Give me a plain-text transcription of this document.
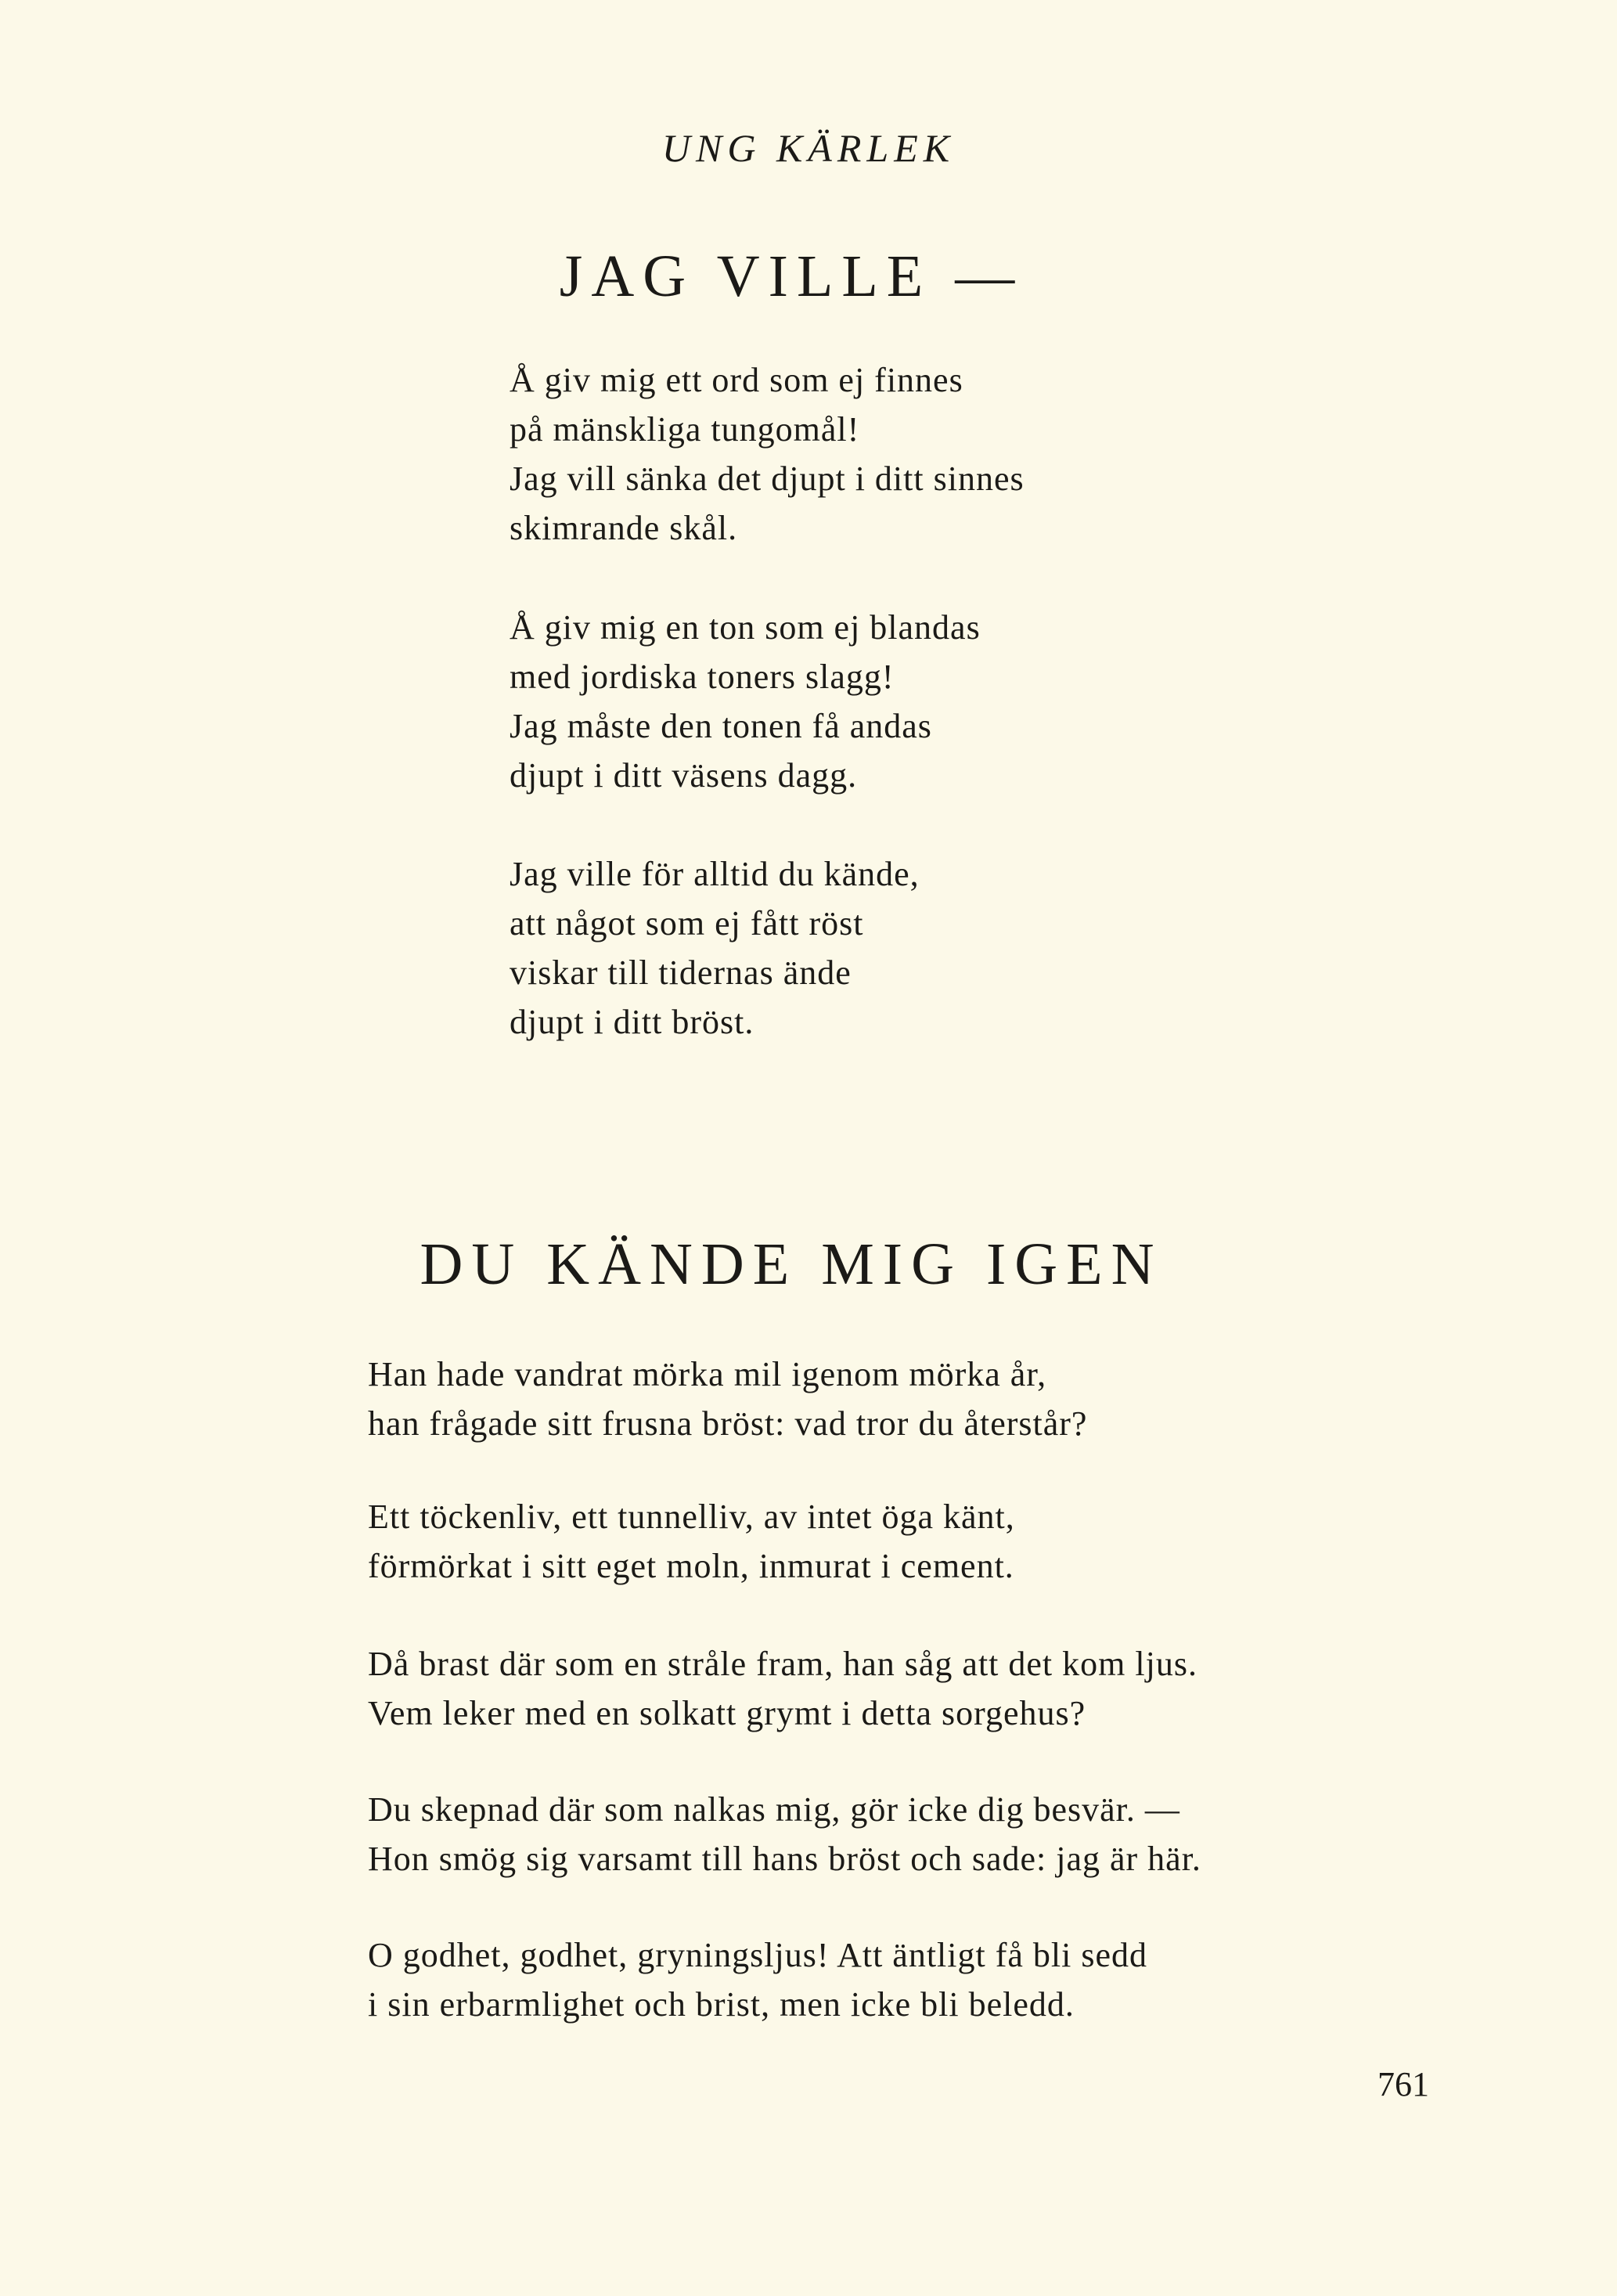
UNG KÄRLEK
JAG VILLE —
Å giv mig ett ord som ej finnes
på mänskliga tungomål!
Jag vill sänka det djupt i ditt sinnes
skimrande skål.
Å giv mig en ton som ej blandas
med jordiska toners slagg!
Jag måste den tonen få andas
djupt i ditt väsens dagg.
Jag ville för alltid du kände,
att något som ej fått röst
viskar till tidernas ände
djupt i ditt bröst.
DU KÄNDE MIG IGEN
Han hade vandrat mörka mil igenom mörka år,
han frågade sitt frusna bröst: vad tror du återstår?
Ett töckenliv, ett tunnelliv, av intet öga känt,
förmörkat i sitt eget moln, inmurat i cement.
Då brast där som en stråle fram, han såg att det kom ljus.
Vem leker med en solkatt grymt i detta sorgehus?
Du skepnad där som nalkas mig, gör icke dig besvär. —
Hon smög sig varsamt till hans bröst och sade: jag är här.
O godhet, godhet, gryningsljus! Att äntligt få bli sedd
i sin erbarmlighet och brist, men icke bli beledd.

761
